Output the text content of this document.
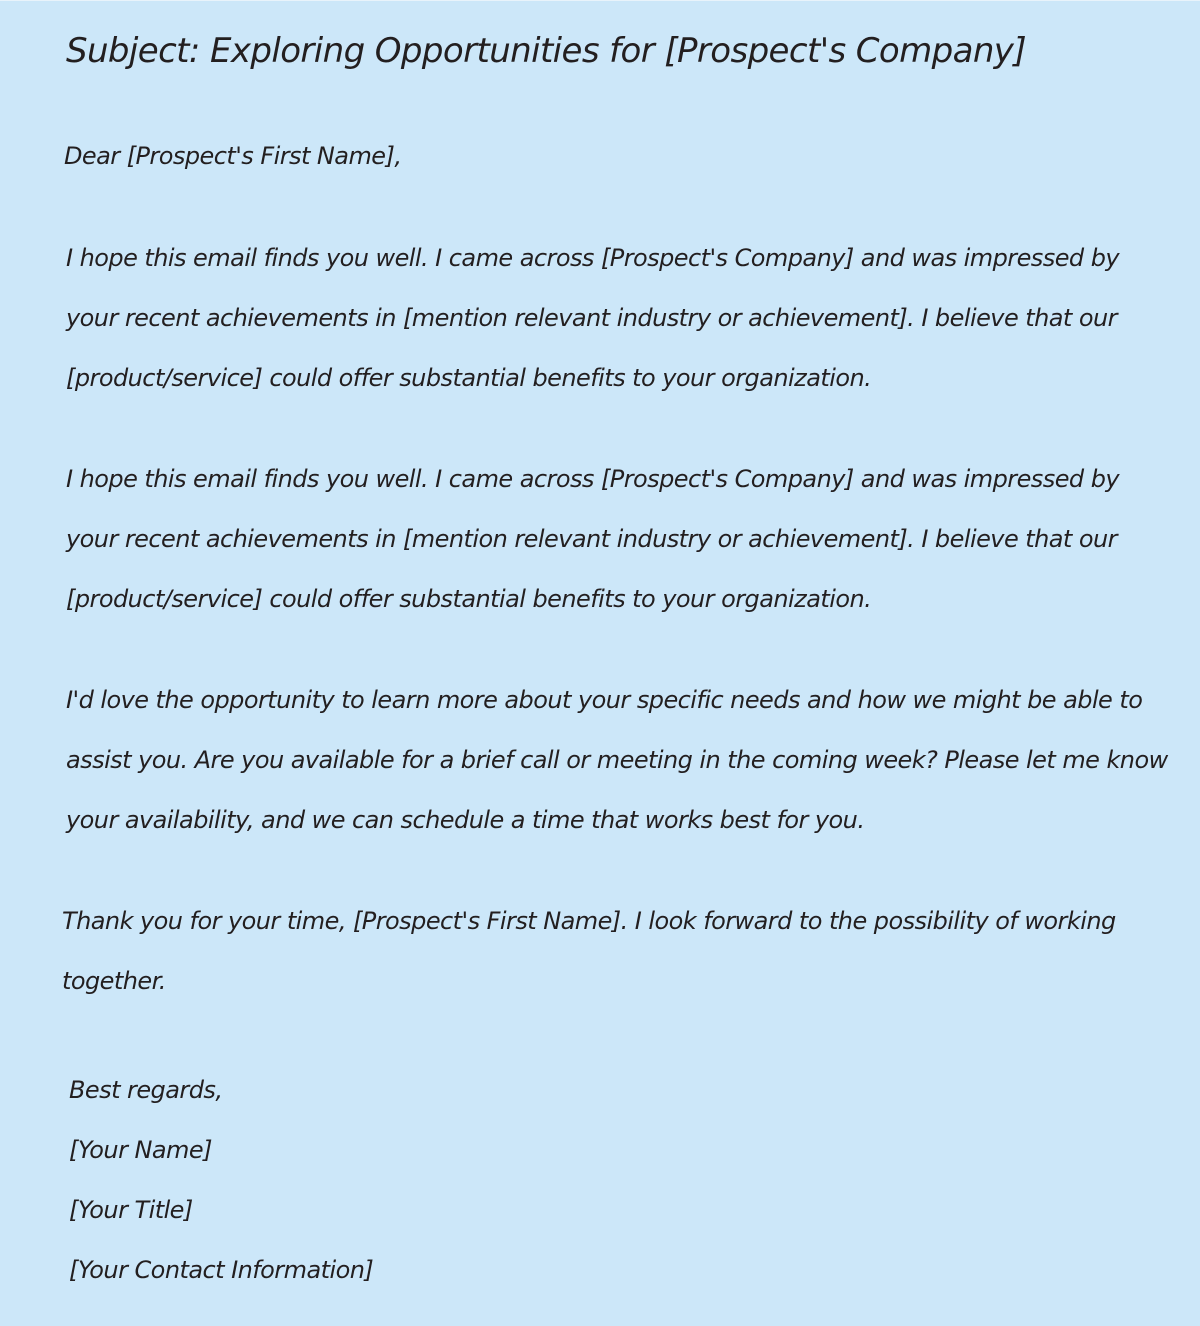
Subject: Exploring Opportunities for [Prospect's Company]
Dear [Prospect's First Name],
I hope this email finds you well. I came across [Prospect's Company] and was impressed by
your recent achievements in [mention relevant industry or achievement]. I believe that our
[product/service] could offer substantial benefits to your organization.
I hope this email finds you well. I came across [Prospect's Company] and was impressed by
your recent achievements in [mention relevant industry or achievement]. I believe that our
[product/service] could offer substantial benefits to your organization.
I'd love the opportunity to learn more about your specific needs and how we might be able to
assist you. Are you available for a brief call or meeting in the coming week? Please let me know
your availability, and we can schedule a time that works best for you.
Thank you for your time, [Prospect's First Name]. I look forward to the possibility of working
together.
Best regards,
[Your Name]
[Your Title]
[Your Contact Information]
